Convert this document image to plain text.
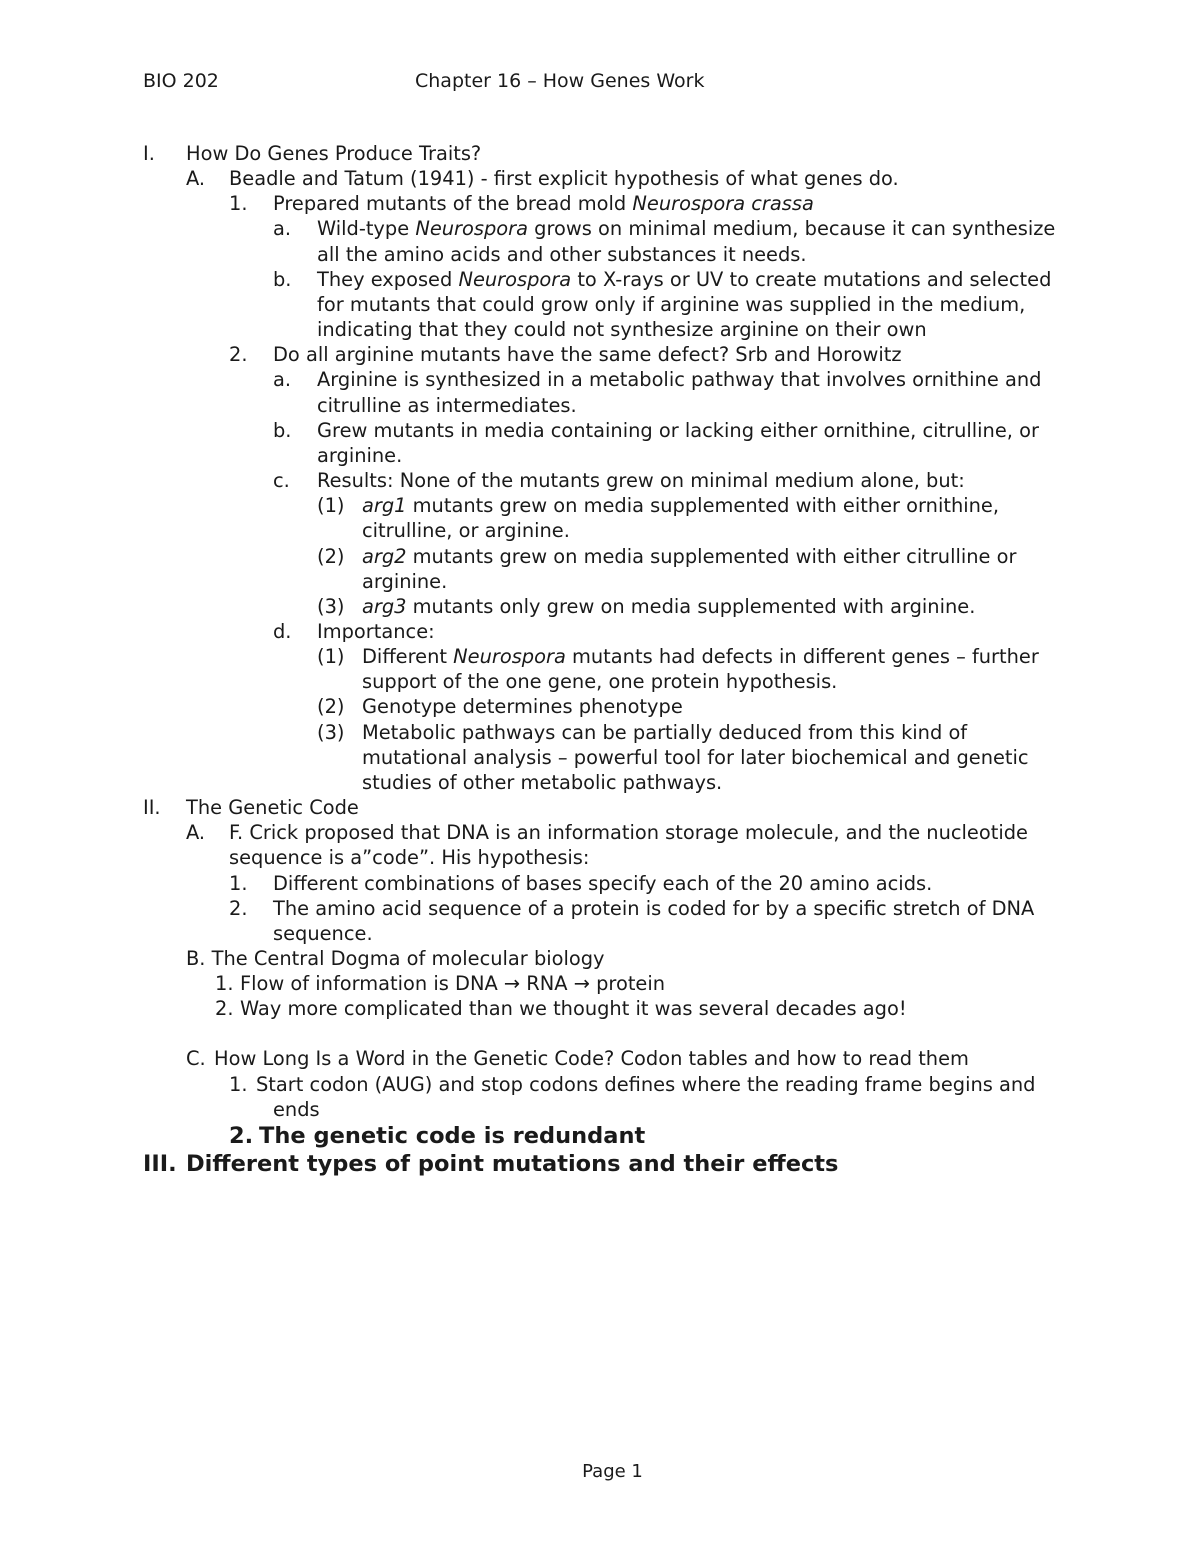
BIO 202	Chapter 16 – How Genes Work
I.	How Do Genes Produce Traits?
A.	Beadle and Tatum (1941) - first explicit hypothesis of what genes do.
1.	Prepared mutants of the bread mold Neurospora crassa
a.	Wild-type Neurospora grows on minimal medium, because it can synthesize all the amino acids and other substances it needs.
b.	They exposed Neurospora to X-rays or UV to create mutations and selected for mutants that could grow only if arginine was supplied in the medium, indicating that they could not synthesize arginine on their own
2.	Do all arginine mutants have the same defect? Srb and Horowitz
a.	Arginine is synthesized in a metabolic pathway that involves ornithine and citrulline as intermediates.
b.	Grew mutants in media containing or lacking either ornithine, citrulline, or arginine.
c.	Results: None of the mutants grew on minimal medium alone, but:
(1) arg1 mutants grew on media supplemented with either ornithine, citrulline, or arginine.
(2) arg2 mutants grew on media supplemented with either citrulline or arginine.
(3) arg3 mutants only grew on media supplemented with arginine.
d.	Importance:
(1) Different Neurospora mutants had defects in different genes – further support of the one gene, one protein hypothesis.
(2) Genotype determines phenotype
(3) Metabolic pathways can be partially deduced from this kind of mutational analysis – powerful tool for later biochemical and genetic studies of other metabolic pathways.
II.	The Genetic Code
A.	F. Crick proposed that DNA is an information storage molecule, and the nucleotide sequence is a”code”. His hypothesis:
1.	Different combinations of bases specify each of the 20 amino acids.
2.	The amino acid sequence of a protein is coded for by a specific stretch of DNA sequence.
B. The Central Dogma of molecular biology
1. Flow of information is DNA → RNA → protein
2. Way more complicated than we thought it was several decades ago!
C. How Long Is a Word in the Genetic Code? Codon tables and how to read them
1. Start codon (AUG) and stop codons defines where the reading frame begins and ends
2. The genetic code is redundant
III. Different types of point mutations and their effects
Page 1
